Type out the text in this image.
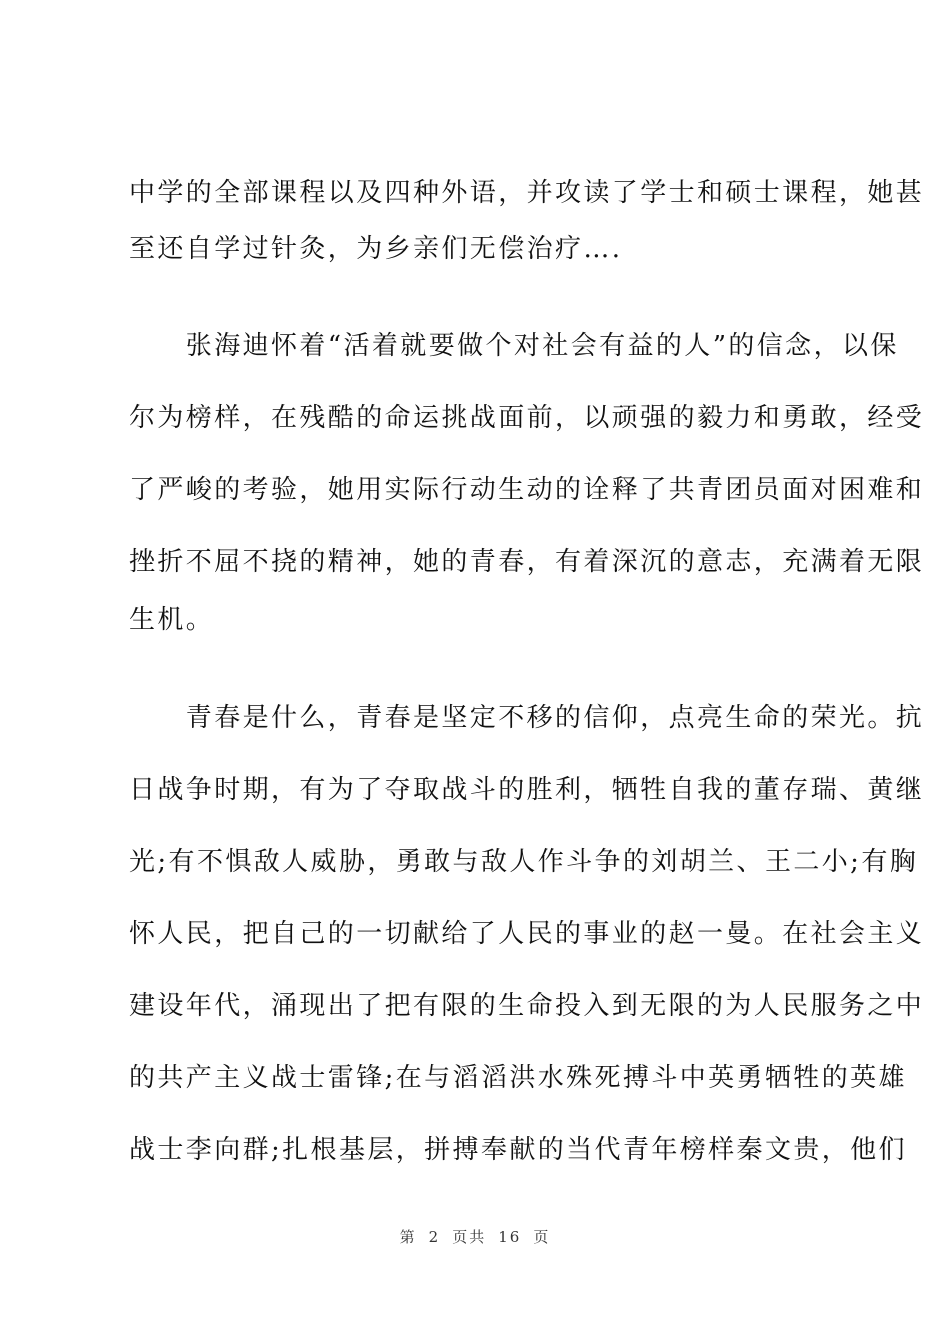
中学的全部课程以及四种外语，并攻读了学士和硕士课程，她甚
至还自学过针灸，为乡亲们无偿治疗….
　　张海迪怀着“活着就要做个对社会有益的人”的信念，以保
尔为榜样，在残酷的命运挑战面前，以顽强的毅力和勇敢，经受
了严峻的考验，她用实际行动生动的诠释了共青团员面对困难和
挫折不屈不挠的精神，她的青春，有着深沉的意志，充满着无限
生机。
　　青春是什么，青春是坚定不移的信仰，点亮生命的荣光。抗
日战争时期，有为了夺取战斗的胜利，牺牲自我的董存瑞、黄继
光;有不惧敌人威胁，勇敢与敌人作斗争的刘胡兰、王二小;有胸
怀人民，把自己的一切献给了人民的事业的赵一曼。在社会主义
建设年代，涌现出了把有限的生命投入到无限的为人民服务之中
的共产主义战士雷锋;在与滔滔洪水殊死搏斗中英勇牺牲的英雄
战士李向群;扎根基层，拼搏奉献的当代青年榜样秦文贵，他们
第 2 页共 16 页
